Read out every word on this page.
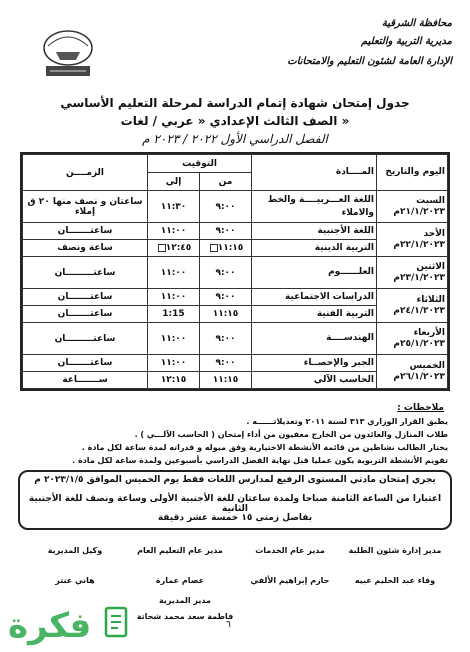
محافظة الشرقية
مديرية التربية والتعليم
الإدارة العامة لشئون التعليم والامتحانات
جدول إمتحان شهادة إتمام الدراسة لمرحلة التعليم الأساسي
الصف الثالث الإعدادي « عربي / لغات »
الفصل الدراسي الأول ٢٠٢٢ / ٢٠٢٣ م
اليوم والتاريخ	المــــادة	التوقيت		الزمــــن
		من	إلي	

السبت
٢١/١/٢٠٢٣م	اللغة العـــربيــــة والخط والاملاء	٩:٠٠	١١:٣٠	ساعتان و نصف منها ٢٠ ق إملاء

الأحد
٢٢/١/٢٠٢٣م	اللغة الأجنبية	٩:٠٠	١١:٠٠	ساعتـــــــان
	التربية الدينية	١١:١٥	١٢:٤٥	ساعة ونصف

الاثنين
٢٣/١/٢٠٢٣م	العلــــــوم	٩:٠٠	١١:٠٠	ساعتـــــــــان

الثلاثاء
٢٤/١/٢٠٢٣م	الدراسات الاجتماعية	٩:٠٠	١١:٠٠	ساعتـــــــان
	التربية الفنية	١١:١٥	1:15	ساعتـــــــان

الأربعاء
٢٥/١/٢٠٢٣م	الهندســــة	٩:٠٠	١١:٠٠	ساعتـــــــــان

الخميس
٢٦/١/٢٠٢٣م	الجبر والإحصــاء	٩:٠٠	١١:٠٠	ساعتـــــــان
	الحاسب الآلي	١١:١٥	١٢:١٥	ســـــــاعة
ملاحظات :
يطبق القرار الوزاري ٣١٣ لسنة ٢٠١١ وتعديلاتــــــه .
طلاب المنازل والعائدون من الخارج معفيون من أداء إمتحان ( الحاسب الآلـــي ) .
يختار الطالب نشاطين من قائمة الأنشطة الاختيارية وفق ميوله و قدراته لمدة ساعة لكل مادة .
تقويم الأنشطة التربوية يكون عمليا قبل نهاية الفصل الدراسي بأسبوعين ولمدة ساعة لكل مادة .
يجري إمتحان مادتي المستوى الرفيع لمدارس اللغات فقط يوم الخميس الموافق ٢٠٢٣/١/٥ م
اعتبارا من الساعة الثامنة صباحا ولمدة ساعتان للغة الأجنبية الأولى وساعة ونصف للغة الأجنبية الثانية
بفاصل زمنى ١٥ خمسة عشر دقيقة
مدير إدارة شئون الطلبة
مدير عام الخدمات
مدير عام التعليم العام
وكيل المديرية
وفاء عبد الحليم عبيه
حازم إبراهيم الألفي
عصام عمارة
هاني عنتر
مدير المديرية
فاطمة سعد محمد شحاتة
٦
فكرة
